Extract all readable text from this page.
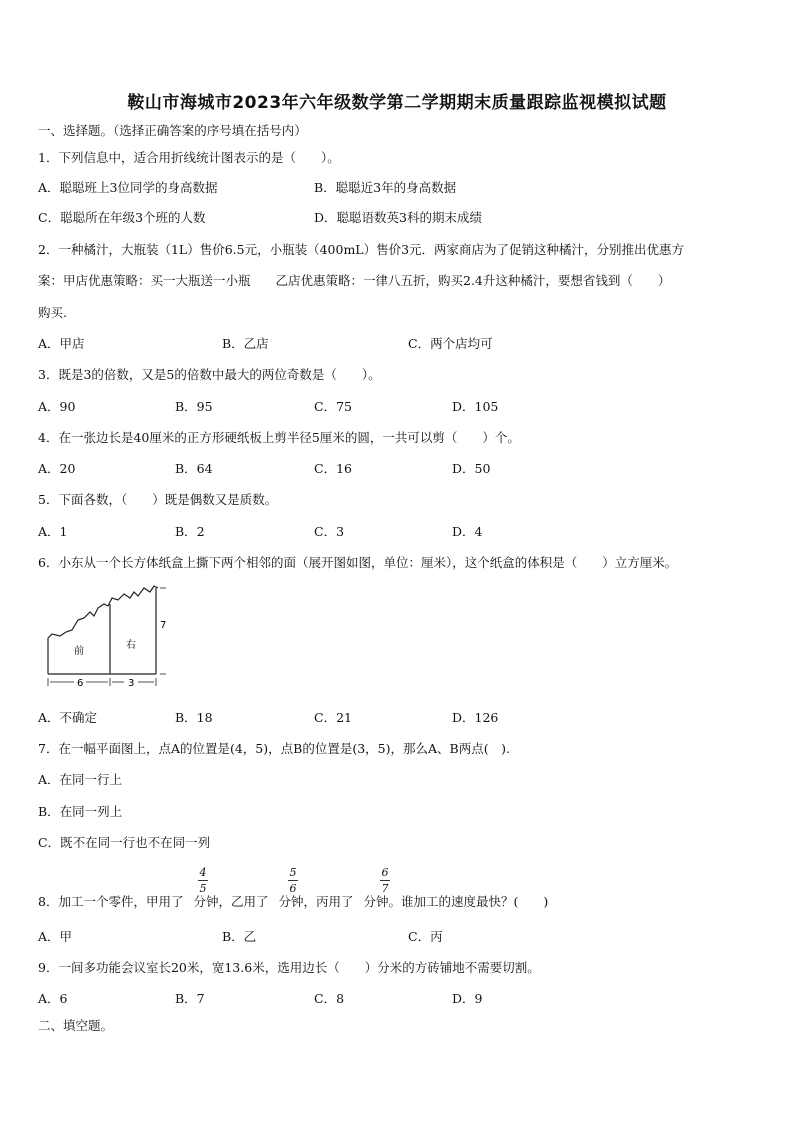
鞍山市海城市2023年六年级数学第二学期期末质量跟踪监视模拟试题
一、选择题。（选择正确答案的序号填在括号内）
1．下列信息中，适合用折线统计图表示的是（　　）。
A．聪聪班上3位同学的身高数据	B．聪聪近3年的身高数据
C．聪聪所在年级3个班的人数	D．聪聪语数英3科的期末成绩
2．一种橘汁，大瓶装（1L）售价6.5元，小瓶装（400mL）售价3元．两家商店为了促销这种橘汁，分别推出优惠方
案：甲店优惠策略：买一大瓶送一小瓶　　乙店优惠策略：一律八五折，购买2.4升这种橘汁，要想省钱到（　　）
购买.
A．甲店	B．乙店	C．两个店均可
3．既是3的倍数，又是5的倍数中最大的两位奇数是（　　）。
A．90	B．95	C．75	D．105
4．在一张边长是40厘米的正方形硬纸板上剪半径5厘米的圆，一共可以剪（　　）个。
A．20	B．64	C．16	D．50
5．下面各数，（　　）既是偶数又是质数。
A．1	B．2	C．3	D．4
6．小东从一个长方体纸盒上撕下两个相邻的面（展开图如图，单位：厘米），这个纸盒的体积是（　　）立方厘米。
前
右
7
6	3
A．不确定	B．18	C．21	D．126
7．在一幅平面图上，点A的位置是(4，5)，点B的位置是(3，5)，那么A、B两点(　).
A．在同一行上
B．在同一列上
C．既不在同一行也不在同一列
8．加工一个零件，甲用了 分钟，乙用了 分钟，丙用了 分钟。谁加工的速度最快？(　　)
4
5
5
6
6
7
A．甲	B．乙	C．丙
9．一间多功能会议室长20米，宽13.6米，选用边长（　　）分米的方砖铺地不需要切割。
A．6	B．7	C．8	D．9
二、填空题。
